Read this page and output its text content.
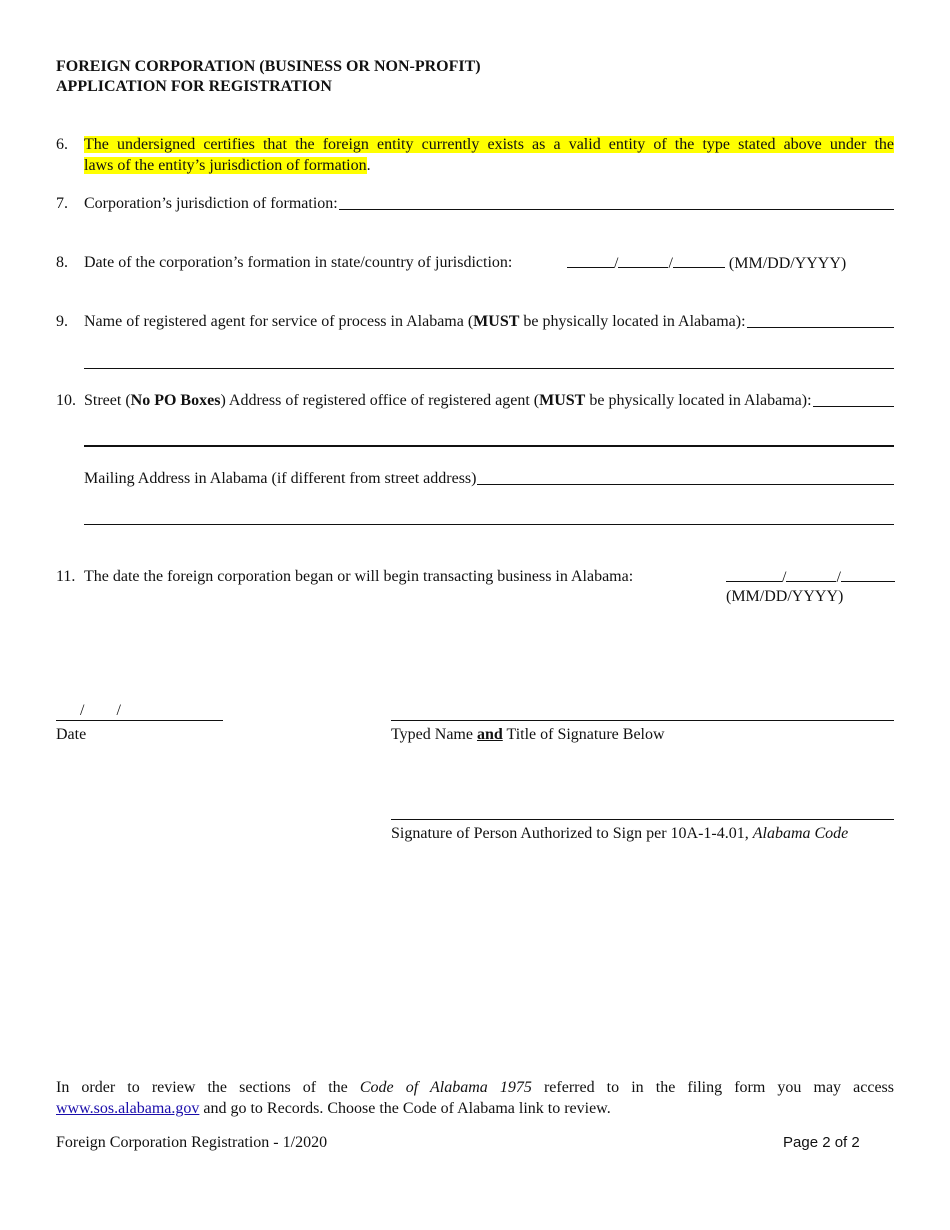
FOREIGN CORPORATION (BUSINESS OR NON-PROFIT)
APPLICATION FOR REGISTRATION
6.	The undersigned certifies that the foreign entity currently exists as a valid entity of the type stated above under the
laws of the entity’s jurisdiction of formation.
7.	Corporation’s jurisdiction of formation:
8.	Date of the corporation’s formation in state/country of jurisdiction:	/	/	(MM/DD/YYYY)
9.	Name of registered agent for service of process in Alabama (MUST be physically located in Alabama):
10. Street (No PO Boxes) Address of registered office of registered agent (MUST be physically located in Alabama):
Mailing Address in Alabama (if different from street address)
11. The date the foreign corporation began or will begin transacting business in Alabama:	/	/
(MM/DD/YYYY)
/ /
Date	Typed Name and Title of Signature Below
Signature of Person Authorized to Sign per 10A-1-4.01, Alabama Code
In order to review the sections of the Code of Alabama 1975 referred to in the filing form you may access
www.sos.alabama.gov and go to Records. Choose the Code of Alabama link to review.
Foreign Corporation Registration - 1/2020	Page 2 of 2
